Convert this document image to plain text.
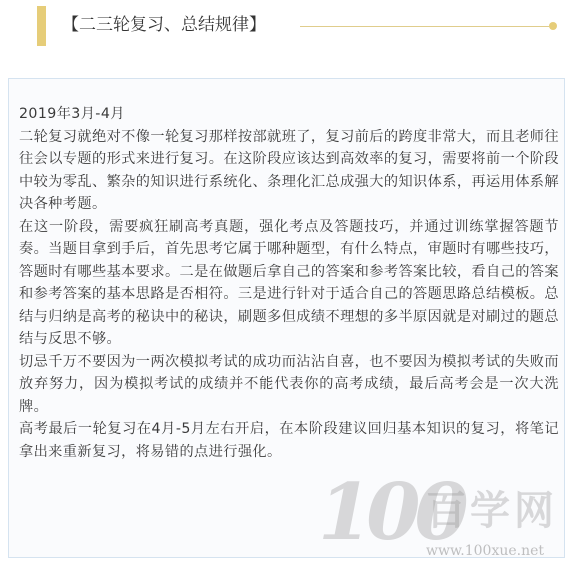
【二三轮复习、总结规律】

2019年3月-4月

二轮复习就绝对不像一轮复习那样按部就班了，复习前后的跨度非常大，而且老师往往会以专题的形式来进行复习。在这阶段应该达到高效率的复习，需要将前一个阶段中较为零乱、繁杂的知识进行系统化、条理化汇总成强大的知识体系，再运用体系解决各种考题。

在这一阶段，需要疯狂刷高考真题，强化考点及答题技巧，并通过训练掌握答题节奏。当题目拿到手后，首先思考它属于哪种题型，有什么特点，审题时有哪些技巧，答题时有哪些基本要求。二是在做题后拿自己的答案和参考答案比较，看自己的答案和参考答案的基本思路是否相符。三是进行针对于适合自己的答题思路总结模板。总结与归纳是高考的秘诀中的秘诀，刷题多但成绩不理想的多半原因就是对刷过的题总结与反思不够。

切忌千万不要因为一两次模拟考试的成功而沾沾自喜，也不要因为模拟考试的失败而放弃努力，因为模拟考试的成绩并不能代表你的高考成绩，最后高考会是一次大洗牌。

高考最后一轮复习在4月-5月左右开启，在本阶段建议回归基本知识的复习，将笔记拿出来重新复习，将易错的点进行强化。

100
百学网
www.100xue.net
